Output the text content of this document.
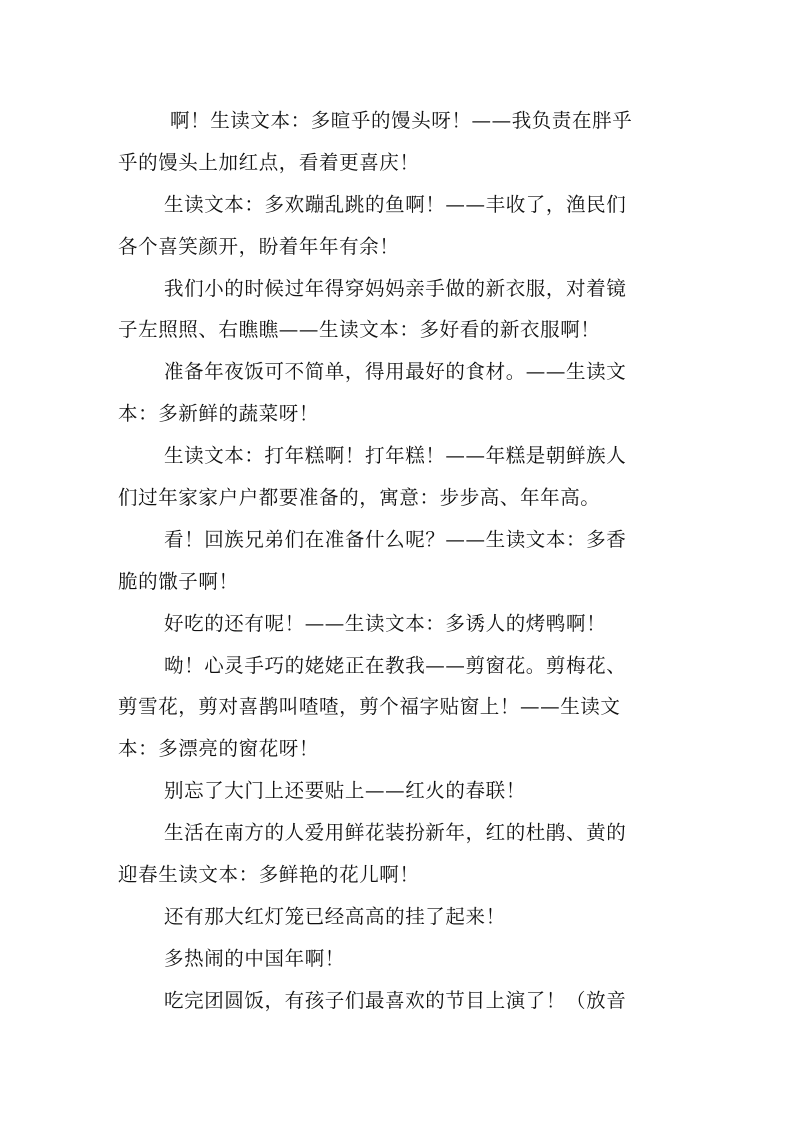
啊！生读文本：多暄乎的馒头呀！——我负责在胖乎
乎的馒头上加红点，看着更喜庆！
生读文本：多欢蹦乱跳的鱼啊！——丰收了，渔民们
各个喜笑颜开，盼着年年有余！
我们小的时候过年得穿妈妈亲手做的新衣服，对着镜
子左照照、右瞧瞧——生读文本：多好看的新衣服啊！
准备年夜饭可不简单，得用最好的食材。——生读文
本：多新鲜的蔬菜呀！
生读文本：打年糕啊！打年糕！——年糕是朝鲜族人
们过年家家户户都要准备的，寓意：步步高、年年高。
看！回族兄弟们在准备什么呢？——生读文本：多香
脆的馓子啊！
好吃的还有呢！——生读文本：多诱人的烤鸭啊！
呦！心灵手巧的姥姥正在教我——剪窗花。剪梅花、
剪雪花，剪对喜鹊叫喳喳，剪个福字贴窗上！——生读文
本：多漂亮的窗花呀！
别忘了大门上还要贴上——红火的春联！
生活在南方的人爱用鲜花装扮新年，红的杜鹃、黄的
迎春生读文本：多鲜艳的花儿啊！
还有那大红灯笼已经高高的挂了起来！
多热闹的中国年啊！
吃完团圆饭，有孩子们最喜欢的节目上演了！（放音
